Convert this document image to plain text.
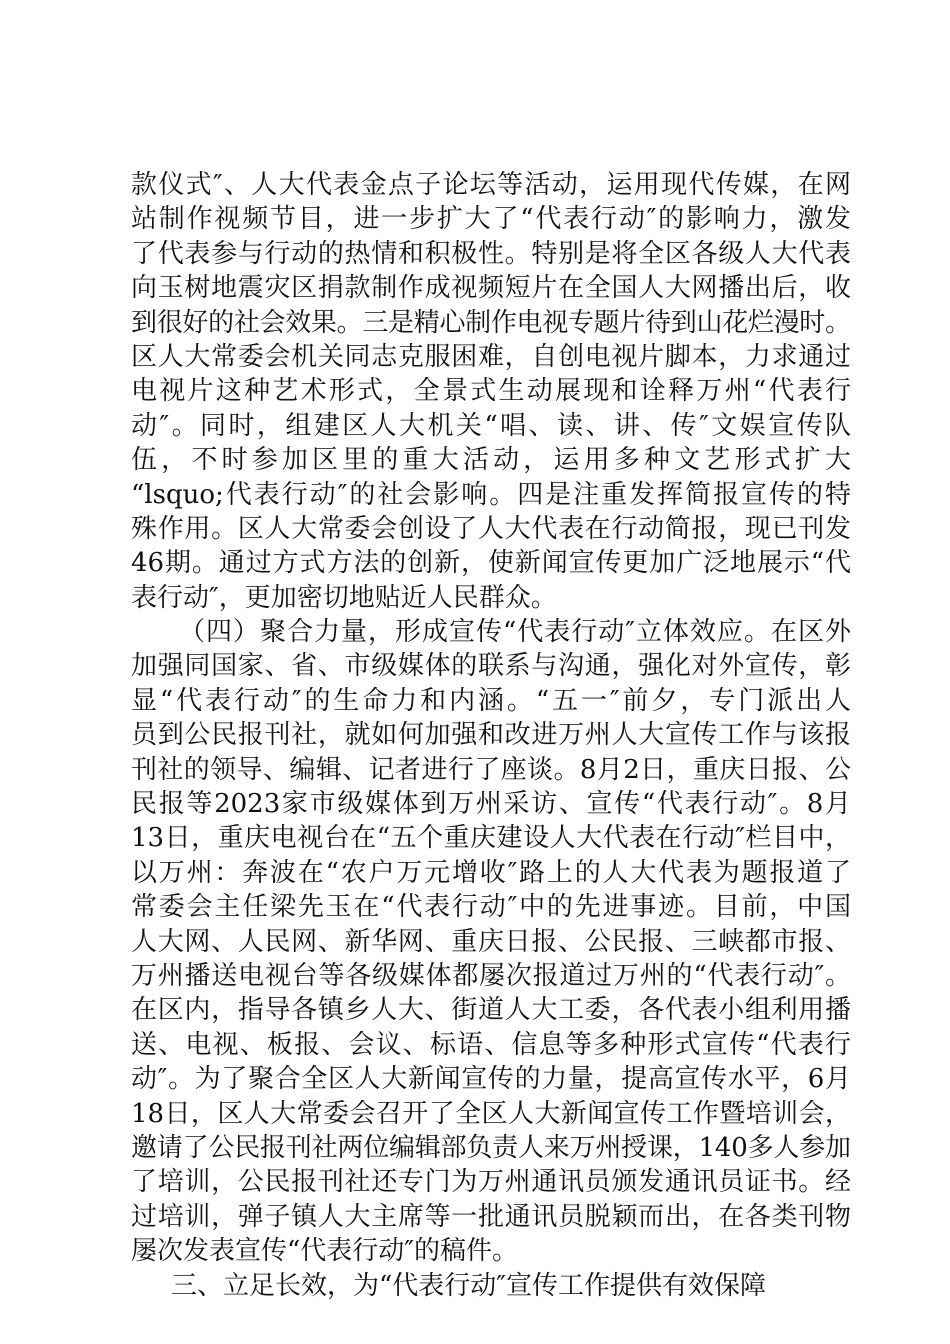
款仪式″、人大代表金点子论坛等活动，运用现代传媒，在网
站制作视频节目，进一步扩大了“代表行动″的影响力，激发
了代表参与行动的热情和积极性。特别是将全区各级人大代表
向玉树地震灾区捐款制作成视频短片在全国人大网播出后，收
到很好的社会效果。三是精心制作电视专题片待到山花烂漫时。
区人大常委会机关同志克服困难，自创电视片脚本，力求通过
电视片这种艺术形式，全景式生动展现和诠释万州“代表行
动″。同时，组建区人大机关“唱、读、讲、传″文娱宣传队
伍，不时参加区里的重大活动，运用多种文艺形式扩大
“lsquo;代表行动″的社会影响。四是注重发挥简报宣传的特
殊作用。区人大常委会创设了人大代表在行动简报，现已刊发
46期。通过方式方法的创新，使新闻宣传更加广泛地展示“代
表行动″，更加密切地贴近人民群众。
（四）聚合力量，形成宣传“代表行动″立体效应。在区外
加强同国家、省、市级媒体的联系与沟通，强化对外宣传，彰
显“代表行动″的生命力和内涵。“五一″前夕，专门派出人
员到公民报刊社，就如何加强和改进万州人大宣传工作与该报
刊社的领导、编辑、记者进行了座谈。8月2日，重庆日报、公
民报等2023家市级媒体到万州采访、宣传“代表行动″。8月
13日，重庆电视台在“五个重庆建设人大代表在行动″栏目中，
以万州：奔波在“农户万元增收″路上的人大代表为题报道了
常委会主任梁先玉在“代表行动″中的先进事迹。目前，中国
人大网、人民网、新华网、重庆日报、公民报、三峡都市报、
万州播送电视台等各级媒体都屡次报道过万州的“代表行动″。
在区内，指导各镇乡人大、街道人大工委，各代表小组利用播
送、电视、板报、会议、标语、信息等多种形式宣传“代表行
动″。为了聚合全区人大新闻宣传的力量，提高宣传水平，6月
18日，区人大常委会召开了全区人大新闻宣传工作暨培训会，
邀请了公民报刊社两位编辑部负责人来万州授课，140多人参加
了培训，公民报刊社还专门为万州通讯员颁发通讯员证书。经
过培训，弹子镇人大主席等一批通讯员脱颖而出，在各类刊物
屡次发表宣传“代表行动″的稿件。
三、立足长效，为“代表行动″宣传工作提供有效保障
